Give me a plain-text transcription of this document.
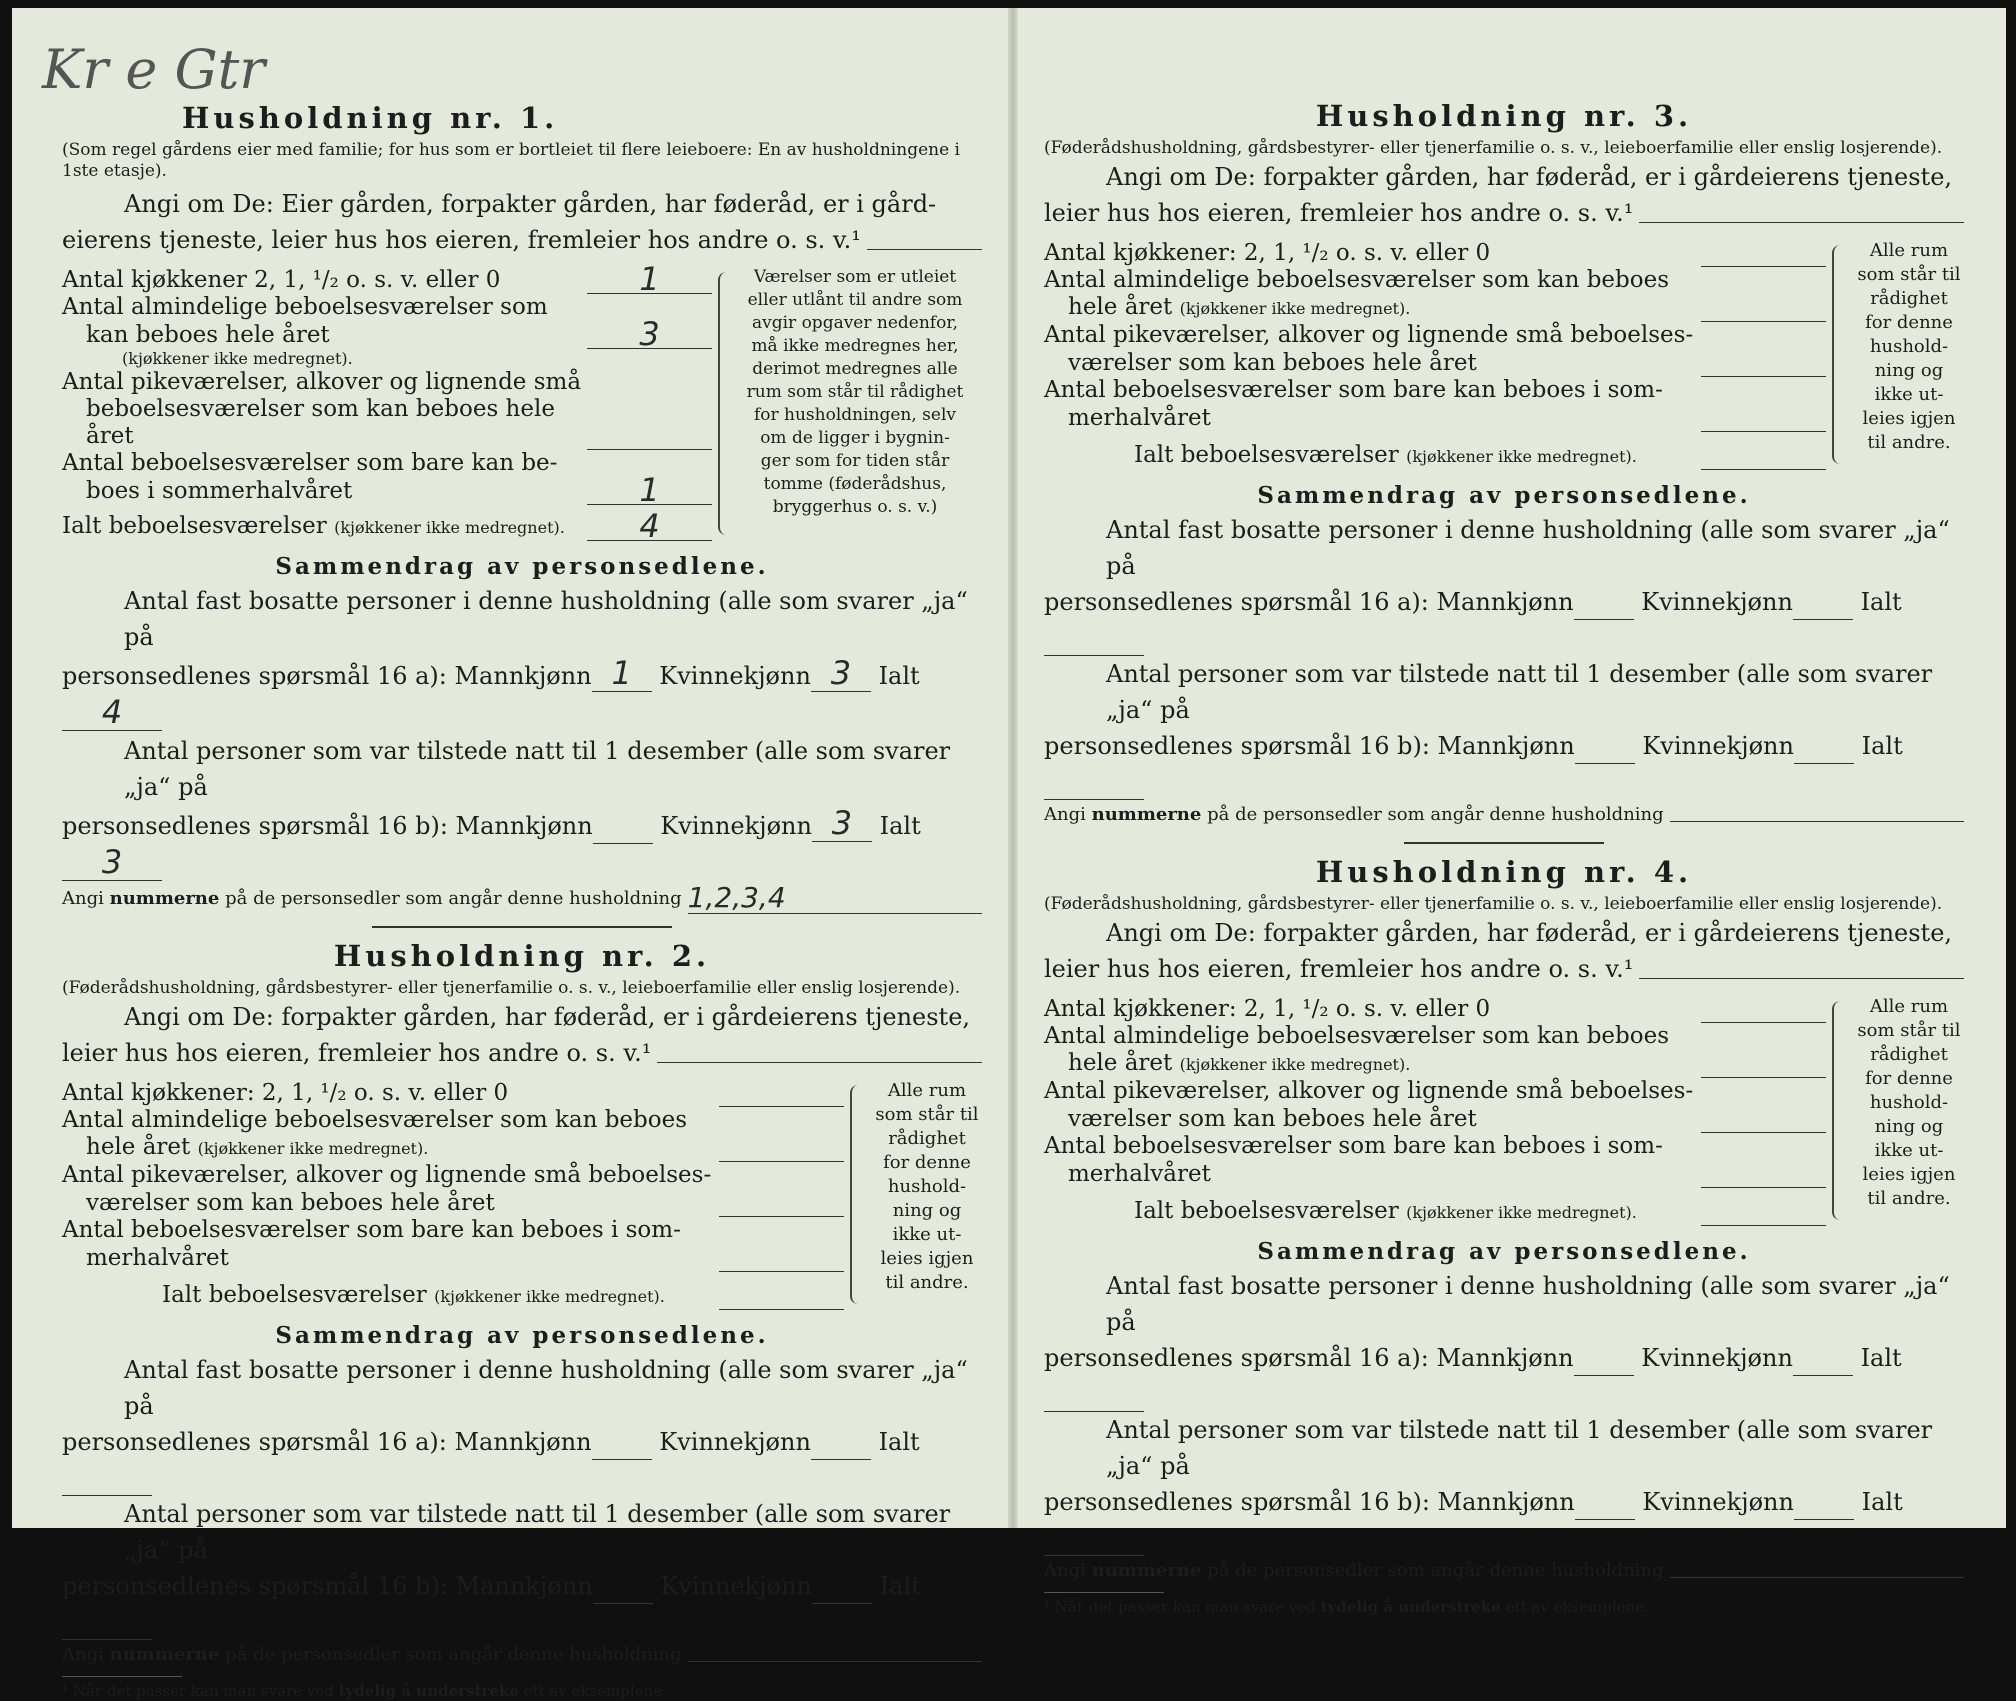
Kr e Gtr
Husholdning nr. 1.
(Som regel gårdens eier med familie; for hus som er bortleiet til flere leieboere: En av husholdningene i 1ste etasje).
Angi om De: Eier gården, forpakter gården, har føderåd, er i gård-
eierens tjeneste, leier hus hos eieren, fremleier hos andre o. s. v.¹
Antal kjøkkener 2, 1, ¹/₂ o. s. v. eller 0	1
Antal almindelige beboelsesværelser som
kan beboes hele året	3
(kjøkkener ikke medregnet).
Antal pikeværelser, alkover og lignende små
beboelsesværelser som kan beboes hele året
Antal beboelsesværelser som bare kan be-
boes i sommerhalvåret	1
Ialt beboelsesværelser (kjøkkener ikke medregnet).	4
Værelser som er utleiet
eller utlånt til andre som
avgir opgaver nedenfor,
må ikke medregnes her,
derimot medregnes alle
rum som står til rådighet
for husholdningen, selv
om de ligger i bygnin-
ger som for tiden står
tomme (føderådshus,
bryggerhus o. s. v.)
Sammendrag av personsedlene.
Antal fast bosatte personer i denne husholdning (alle som svarer „ja“ på
personsedlenes spørsmål 16 a): Mannkjønn 1 Kvinnekjønn 3 Ialt4
Antal personer som var tilstede natt til 1 desember (alle som svarer „ja“ på
personsedlenes spørsmål 16 b): Mannkjønn	Kvinnekjønn 3 Ialt3
Angi nummerne på de personsedler som angår denne husholdning 1,2,3,4
Husholdning nr. 2.
(Føderådshusholdning, gårdsbestyrer- eller tjenerfamilie o. s. v., leieboerfamilie eller enslig losjerende).
Angi om De: forpakter gården, har føderåd, er i gårdeierens tjeneste,
leier hus hos eieren, fremleier hos andre o. s. v.¹
Antal kjøkkener: 2, 1, ¹/₂ o. s. v. eller 0
Antal almindelige beboelsesværelser som kan beboes
hele året (kjøkkener ikke medregnet).
Antal pikeværelser, alkover og lignende små beboelses-
værelser som kan beboes hele året
Antal beboelsesværelser som bare kan beboes i som-
merhalvåret
Ialt beboelsesværelser (kjøkkener ikke medregnet).
Alle rum
som står til
rådighet
for denne
hushold-
ning og
ikke ut-
leies igjen
til andre.
Sammendrag av personsedlene.
Antal fast bosatte personer i denne husholdning (alle som svarer „ja“ på
personsedlenes spørsmål 16 a): Mannkjønn	Kvinnekjønn	Ialt
Antal personer som var tilstede natt til 1 desember (alle som svarer „ja“ på
personsedlenes spørsmål 16 b): Mannkjønn	Kvinnekjønn	Ialt
Angi nummerne på de personsedler som angår denne husholdning
¹ Når det passer kan man svare ved tydelig å understreke ett av eksemplene.
Husholdning nr. 3.
(Føderådshusholdning, gårdsbestyrer- eller tjenerfamilie o. s. v., leieboerfamilie eller enslig losjerende).
Angi om De: forpakter gården, har føderåd, er i gårdeierens tjeneste,
leier hus hos eieren, fremleier hos andre o. s. v.¹
Antal kjøkkener: 2, 1, ¹/₂ o. s. v. eller 0
Antal almindelige beboelsesværelser som kan beboes
hele året (kjøkkener ikke medregnet).
Antal pikeværelser, alkover og lignende små beboelses-
værelser som kan beboes hele året
Antal beboelsesværelser som bare kan beboes i som-
merhalvåret
Ialt beboelsesværelser (kjøkkener ikke medregnet).
Alle rum
som står til
rådighet
for denne
hushold-
ning og
ikke ut-
leies igjen
til andre.
Sammendrag av personsedlene.
Antal fast bosatte personer i denne husholdning (alle som svarer „ja“ på
personsedlenes spørsmål 16 a): Mannkjønn	Kvinnekjønn	Ialt
Antal personer som var tilstede natt til 1 desember (alle som svarer „ja“ på
personsedlenes spørsmål 16 b): Mannkjønn	Kvinnekjønn	Ialt
Angi nummerne på de personsedler som angår denne husholdning
Husholdning nr. 4.
(Føderådshusholdning, gårdsbestyrer- eller tjenerfamilie o. s. v., leieboerfamilie eller enslig losjerende).
Angi om De: forpakter gården, har føderåd, er i gårdeierens tjeneste,
leier hus hos eieren, fremleier hos andre o. s. v.¹
Antal kjøkkener: 2, 1, ¹/₂ o. s. v. eller 0
Antal almindelige beboelsesværelser som kan beboes
hele året (kjøkkener ikke medregnet).
Antal pikeværelser, alkover og lignende små beboelses-
værelser som kan beboes hele året
Antal beboelsesværelser som bare kan beboes i som-
merhalvåret
Ialt beboelsesværelser (kjøkkener ikke medregnet).
Alle rum
som står til
rådighet
for denne
hushold-
ning og
ikke ut-
leies igjen
til andre.
Sammendrag av personsedlene.
Antal fast bosatte personer i denne husholdning (alle som svarer „ja“ på
personsedlenes spørsmål 16 a): Mannkjønn	Kvinnekjønn	Ialt
Antal personer som var tilstede natt til 1 desember (alle som svarer „ja“ på
personsedlenes spørsmål 16 b): Mannkjønn	Kvinnekjønn	Ialt
Angi nummerne på de personsedler som angår denne husholdning
¹ Når det passer kan man svare ved tydelig å understreke ett av eksemplene.
